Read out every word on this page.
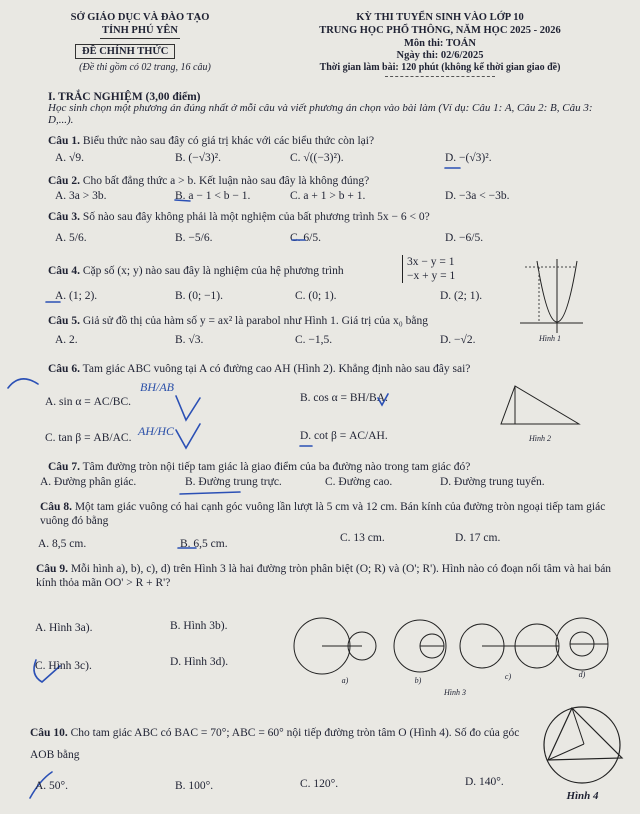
SỞ GIÁO DỤC VÀ ĐÀO TẠO
TỈNH PHÚ YÊN
ĐỀ CHÍNH THỨC
(Đề thi gồm có 02 trang, 16 câu)
KỲ THI TUYỂN SINH VÀO LỚP 10
TRUNG HỌC PHỔ THÔNG, NĂM HỌC 2025 - 2026
Môn thi: TOÁN
Ngày thi: 02/6/2025
Thời gian làm bài: 120 phút (không kể thời gian giao đề)
I. TRẮC NGHIỆM (3,00 điểm)
Học sinh chọn một phương án đúng nhất ở mỗi câu và viết phương án chọn vào bài làm (Ví dụ: Câu 1: A, Câu 2: B, Câu 3: D,...).
Câu 1. Biểu thức nào sau đây có giá trị khác với các biểu thức còn lại?
A. √9.	B. (−√3)².	C. √((−3)²).	D. −(√3)².
Câu 2. Cho bất đẳng thức a > b. Kết luận nào sau đây là không đúng?
A. 3a > 3b.	B. a − 1 < b − 1.	C. a + 1 > b + 1.	D. −3a < −3b.
Câu 3. Số nào sau đây không phải là một nghiệm của bất phương trình 5x − 6 < 0?
A. 5/6.	B. −5/6.	C. 6/5.	D. −6/5.
Câu 4. Cặp số (x; y) nào sau đây là nghiệm của hệ phương trình
3x − y = 1
−x + y = 1
A. (1; 2).	B. (0; −1).	C. (0; 1).	D. (2; 1).
Hình 1
Câu 5. Giả sử đồ thị của hàm số y = ax² là parabol như Hình 1. Giá trị của x₀ bằng
A. 2.	B. √3.	C. −1,5.	D. −√2.
Câu 6. Tam giác ABC vuông tại A có đường cao AH (Hình 2). Khẳng định nào sau đây sai?
A. sin α = AC/BC.	B. cos α = BH/BA.
C. tan β = AB/AC.	D. cot β = AC/AH.
BH/AB
AH/HC
Hình 2
Câu 7. Tâm đường tròn nội tiếp tam giác là giao điểm của ba đường nào trong tam giác đó?
A. Đường phân giác.	B. Đường trung trực.	C. Đường cao.	D. Đường trung tuyến.
Câu 8. Một tam giác vuông có hai cạnh góc vuông lần lượt là 5 cm và 12 cm. Bán kính của đường tròn ngoại tiếp tam giác vuông đó bằng
A. 8,5 cm.	B. 6,5 cm.	C. 13 cm.	D. 17 cm.
Câu 9. Mỗi hình a), b), c), d) trên Hình 3 là hai đường tròn phân biệt (O; R) và (O'; R'). Hình nào có đoạn nối tâm và hai bán kính thỏa mãn OO' > R + R'?
A. Hình 3a).	B. Hình 3b).
C. Hình 3c).	D. Hình 3d).
a)	b)	c)	d)
Hình 3
Câu 10. Cho tam giác ABC có BAC = 70°; ABC = 60° nội tiếp đường tròn tâm O (Hình 4). Số đo của góc AOB bằng
A. 50°.	B. 100°.	C. 120°.	D. 140°.
Hình 4
